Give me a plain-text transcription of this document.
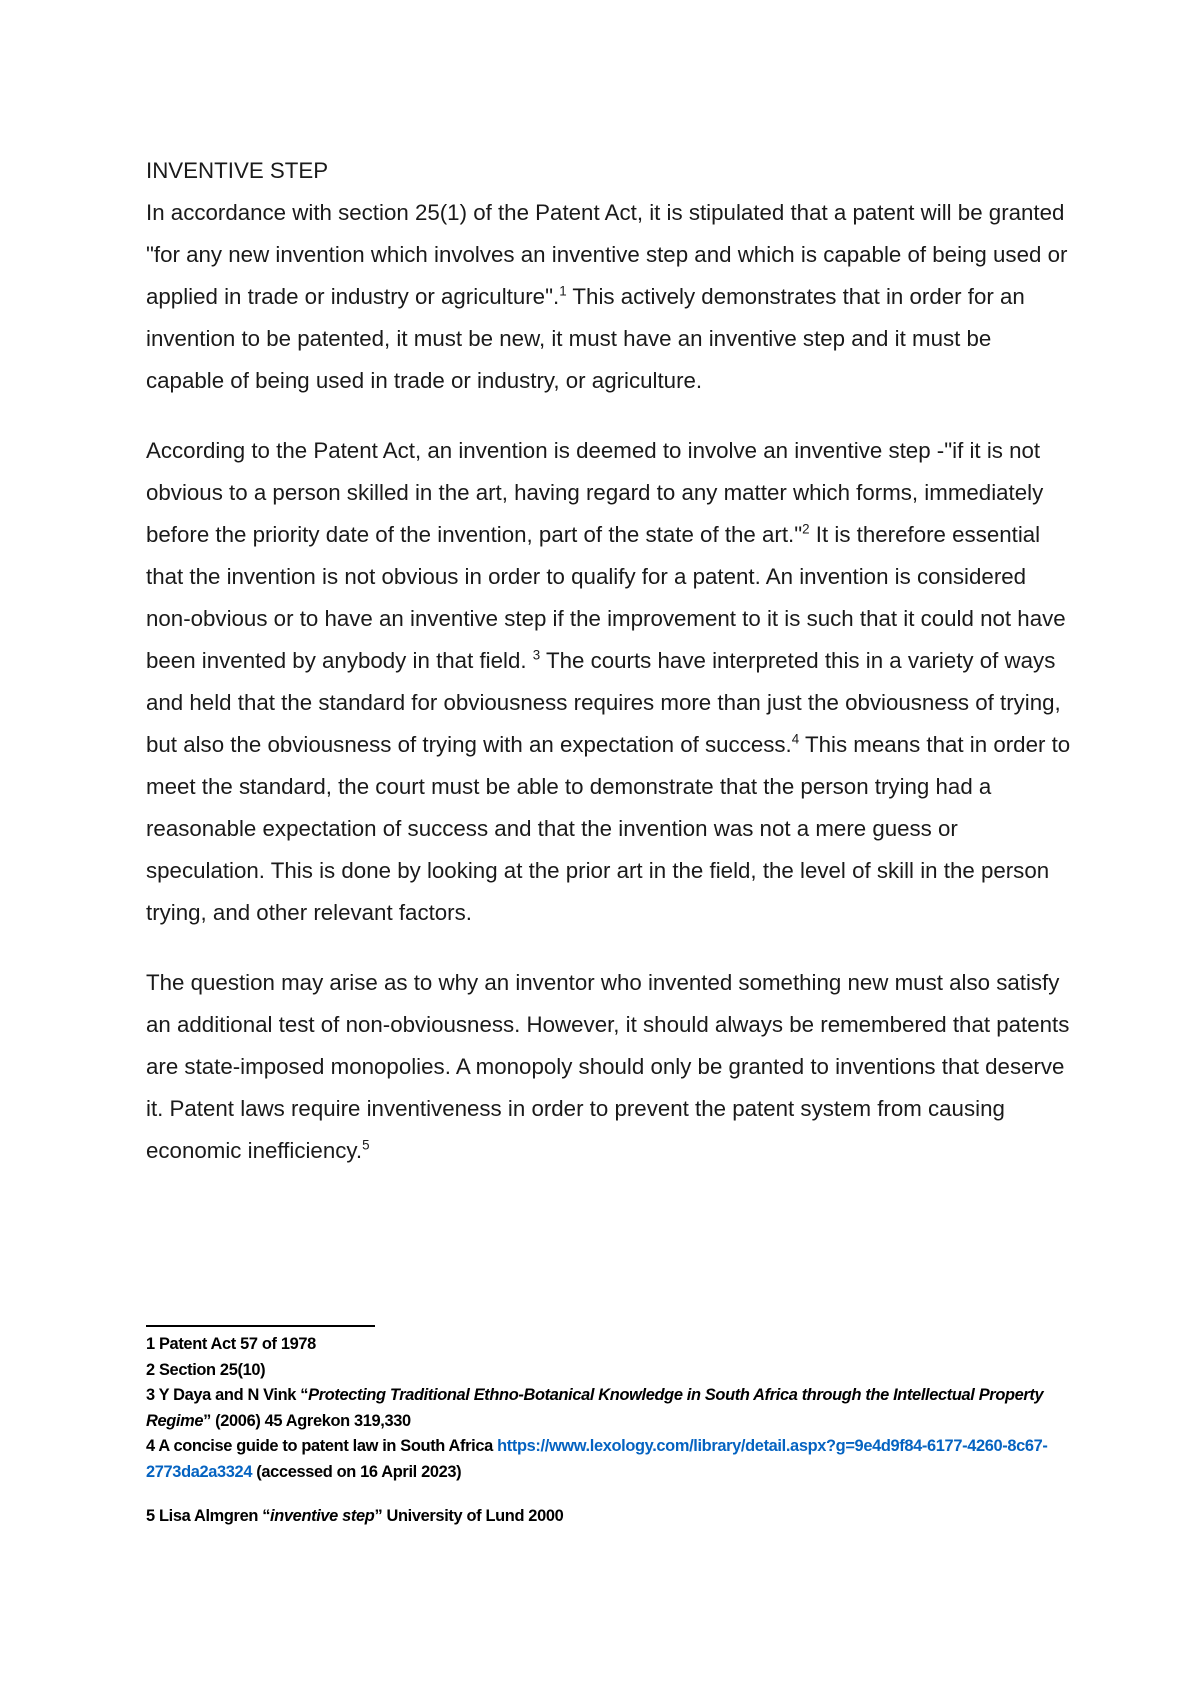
INVENTIVE STEP

In accordance with section 25(1) of the Patent Act, it is stipulated that a patent will be granted "for any new invention which involves an inventive step and which is capable of being used or applied in trade or industry or agriculture".$^1$ This actively demonstrates that in order for an invention to be patented, it must be new, it must have an inventive step and it must be capable of being used in trade or industry, or agriculture.

According to the Patent Act, an invention is deemed to involve an inventive step -"if it is not obvious to a person skilled in the art, having regard to any matter which forms, immediately before the priority date of the invention, part of the state of the art."$^2$ It is therefore essential that the invention is not obvious in order to qualify for a patent. An invention is considered non-obvious or to have an inventive step if the improvement to it is such that it could not have been invented by anybody in that field. $^3$ The courts have interpreted this in a variety of ways and held that the standard for obviousness requires more than just the obviousness of trying, but also the obviousness of trying with an expectation of success.$^4$ This means that in order to meet the standard, the court must be able to demonstrate that the person trying had a reasonable expectation of success and that the invention was not a mere guess or speculation. This is done by looking at the prior art in the field, the level of skill in the person trying, and other relevant factors.

The question may arise as to why an inventor who invented something new must also satisfy an additional test of non-obviousness. However, it should always be remembered that patents are state-imposed monopolies. A monopoly should only be granted to inventions that deserve it. Patent laws require inventiveness in order to prevent the patent system from causing economic inefficiency.$^5$

1 Patent Act 57 of 1978

2 Section 25(10)

3 Y Daya and N Vink “Protecting Traditional Ethno-Botanical Knowledge in South Africa through the Intellectual Property Regime” (2006) 45 Agrekon 319,330

4 A concise guide to patent law in South Africa https://www.lexology.com/library/detail.aspx?g=9e4d9f84-6177-4260-8c67-2773da2a3324 (accessed on 16 April 2023)

5 Lisa Almgren “inventive step” University of Lund 2000
